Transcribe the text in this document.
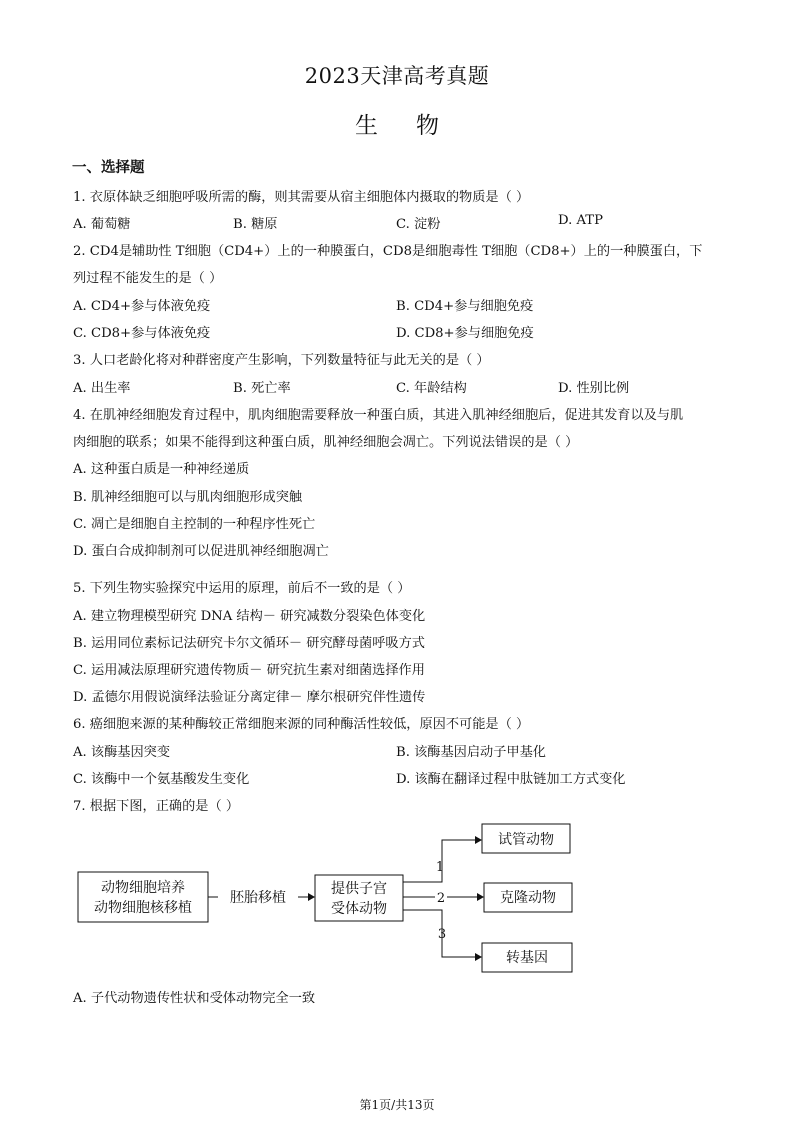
2023天津高考真题
生物
一、选择题
1. 衣原体缺乏细胞呼吸所需的酶，则其需要从宿主细胞体内摄取的物质是（ ）
A. 葡萄糖	B. 糖原	C. 淀粉	D. ATP
2. CD4是辅助性 T细胞（CD4+）上的一种膜蛋白，CD8是细胞毒性 T细胞（CD8+）上的一种膜蛋白，下
列过程不能发生的是（ ）
A. CD4+参与体液免疫	B. CD4+参与细胞免疫
C. CD8+参与体液免疫	D. CD8+参与细胞免疫
3. 人口老龄化将对种群密度产生影响，下列数量特征与此无关的是（ ）
A. 出生率	B. 死亡率	C. 年龄结构	D. 性别比例
4. 在肌神经细胞发育过程中，肌肉细胞需要释放一种蛋白质，其进入肌神经细胞后，促进其发育以及与肌
肉细胞的联系；如果不能得到这种蛋白质，肌神经细胞会凋亡。下列说法错误的是（ ）
A. 这种蛋白质是一种神经递质
B. 肌神经细胞可以与肌肉细胞形成突触
C. 凋亡是细胞自主控制的一种程序性死亡
D. 蛋白合成抑制剂可以促进肌神经细胞凋亡
5. 下列生物实验探究中运用的原理，前后不一致的是（ ）
A. 建立物理模型研究 DNA 结构－ 研究减数分裂染色体变化
B. 运用同位素标记法研究卡尔文循环－ 研究酵母菌呼吸方式
C. 运用减法原理研究遗传物质－ 研究抗生素对细菌选择作用
D. 孟德尔用假说演绎法验证分离定律－ 摩尔根研究伴性遗传
6. 癌细胞来源的某种酶较正常细胞来源的同种酶活性较低，原因不可能是（ ）
A. 该酶基因突变	B. 该酶基因启动子甲基化
C. 该酶中一个氨基酸发生变化	D. 该酶在翻译过程中肽链加工方式变化
7. 根据下图，正确的是（ ）
动物细胞培养
动物细胞核移植
胚胎移植
提供子宫
受体动物
试管动物
克隆动物
转基因
1
2
3
A. 子代动物遗传性状和受体动物完全一致
第1页/共13页
